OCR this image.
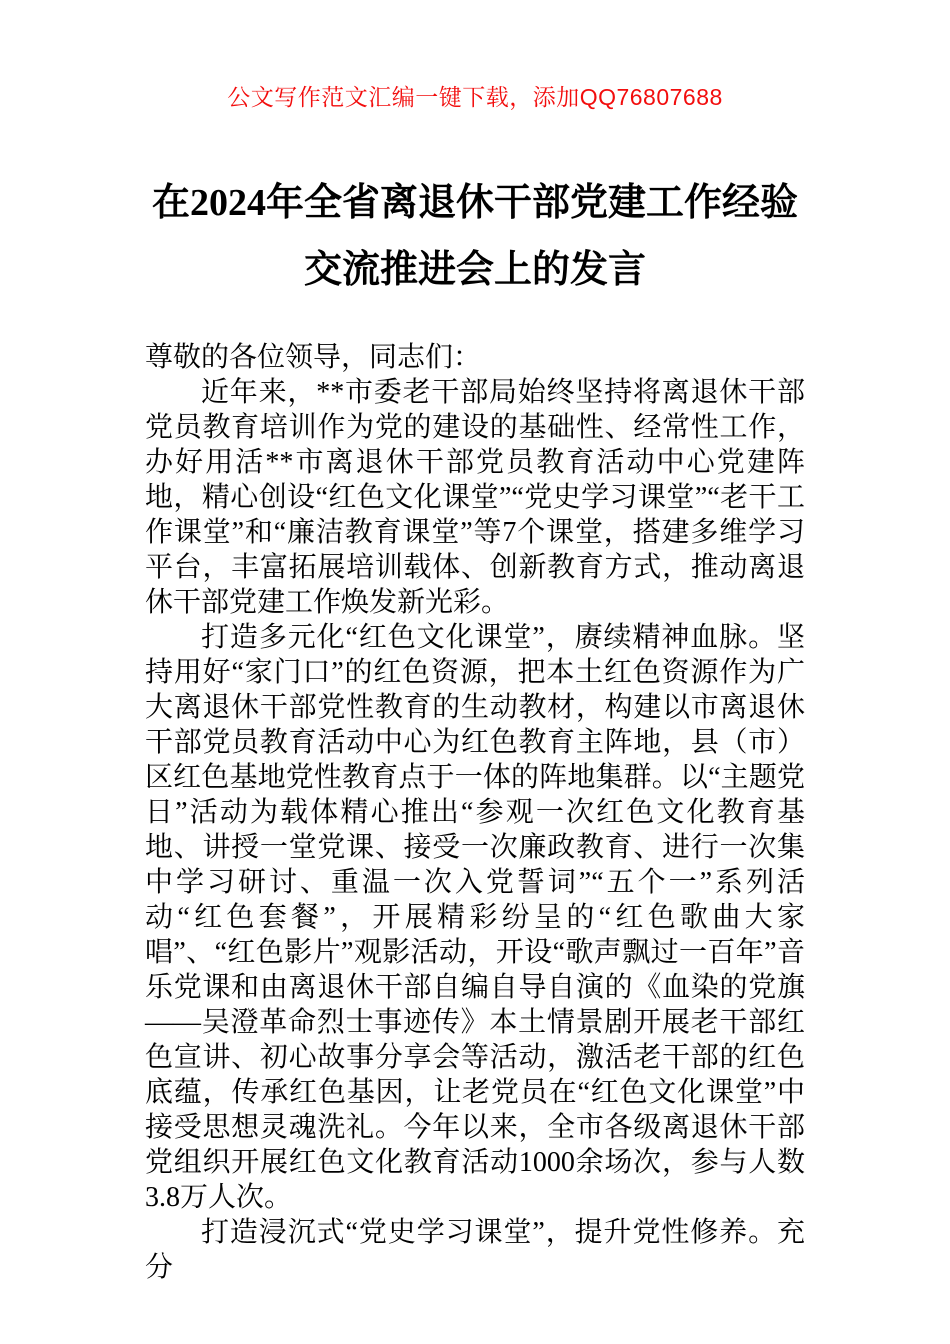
公文写作范文汇编一键下载，添加QQ76807688
在2024年全省离退休干部党建工作经验交流推进会上的发言

尊敬的各位领导，同志们：

近年来，**市委老干部局始终坚持将离退休干部党员教育培训作为党的建设的基础性、经常性工作，办好用活**市离退休干部党员教育活动中心党建阵地，精心创设“红色文化课堂”“党史学习课堂”“老干工作课堂”和“廉洁教育课堂”等7个课堂，搭建多维学习平台，丰富拓展培训载体、创新教育方式，推动离退休干部党建工作焕发新光彩。

打造多元化“红色文化课堂”，赓续精神血脉。坚持用好“家门口”的红色资源，把本土红色资源作为广大离退休干部党性教育的生动教材，构建以市离退休干部党员教育活动中心为红色教育主阵地，县（市）区红色基地党性教育点于一体的阵地集群。以“主题党日”活动为载体精心推出“参观一次红色文化教育基地、讲授一堂党课、接受一次廉政教育、进行一次集中学习研讨、重温一次入党誓词”“五个一”系列活动“红色套餐”，开展精彩纷呈的“红色歌曲大家唱”、“红色影片”观影活动，开设“歌声飘过一百年”音乐党课和由离退休干部自编自导自演的《血染的党旗——吴澄革命烈士事迹传》本土情景剧开展老干部红色宣讲、初心故事分享会等活动，激活老干部的红色底蕴，传承红色基因，让老党员在“红色文化课堂”中接受思想灵魂洗礼。今年以来，全市各级离退休干部党组织开展红色文化教育活动1000余场次，参与人数3.8万人次。

打造浸沉式“党史学习课堂”，提升党性修养。充分
